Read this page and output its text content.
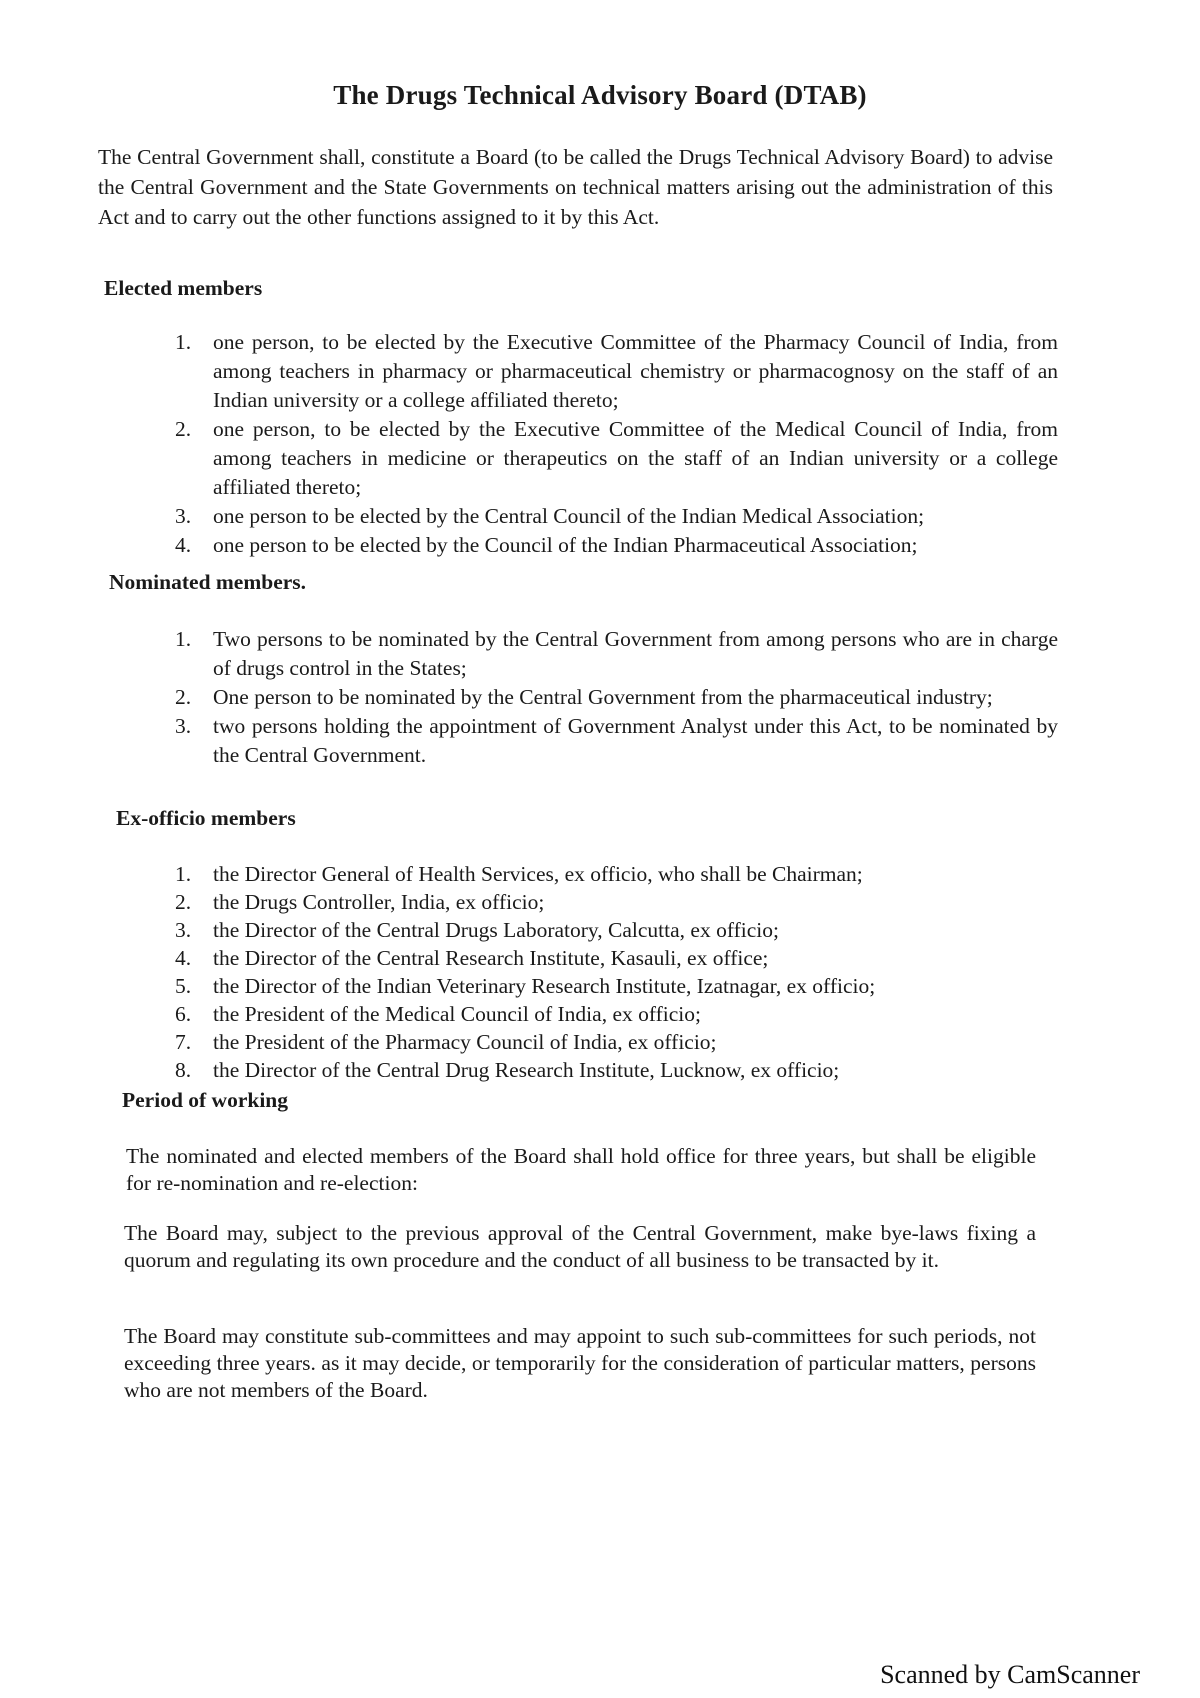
The Drugs Technical Advisory Board (DTAB)
The Central Government shall, constitute a Board (to be called the Drugs Technical Advisory Board) to advise the Central Government and the State Governments on technical matters arising out the administration of this Act and to carry out the other functions assigned to it by this Act.
Elected members
1.	one person, to be elected by the Executive Committee of the Pharmacy Council of India, from among teachers in pharmacy or pharmaceutical chemistry or pharmacognosy on the staff of an Indian university or a college affiliated thereto;
2.	one person, to be elected by the Executive Committee of the Medical Council of India, from among teachers in medicine or therapeutics on the staff of an Indian university or a college affiliated thereto;
3.	one person to be elected by the Central Council of the Indian Medical Association;
4.	one person to be elected by the Council of the Indian Pharmaceutical Association;
Nominated members.
1.	Two persons to be nominated by the Central Government from among persons who are in charge of drugs control in the States;
2.	One person to be nominated by the Central Government from the pharmaceutical industry;
3.	two persons holding the appointment of Government Analyst under this Act, to be nominated by the Central Government.
Ex-officio members
1.	the Director General of Health Services, ex officio, who shall be Chairman;
2.	the Drugs Controller, India, ex officio;
3.	the Director of the Central Drugs Laboratory, Calcutta, ex officio;
4.	the Director of the Central Research Institute, Kasauli, ex office;
5.	the Director of the Indian Veterinary Research Institute, Izatnagar, ex officio;
6.	the President of the Medical Council of India, ex officio;
7.	the President of the Pharmacy Council of India, ex officio;
8.	the Director of the Central Drug Research Institute, Lucknow, ex officio;
Period of working
The nominated and elected members of the Board shall hold office for three years, but shall be eligible for re-nomination and re-election:
The Board may, subject to the previous approval of the Central Government, make bye-laws fixing a quorum and regulating its own procedure and the conduct of all business to be transacted by it.
The Board may constitute sub-committees and may appoint to such sub-committees for such periods, not exceeding three years. as it may decide, or temporarily for the consideration of particular matters, persons who are not members of the Board.
Scanned by CamScanner
